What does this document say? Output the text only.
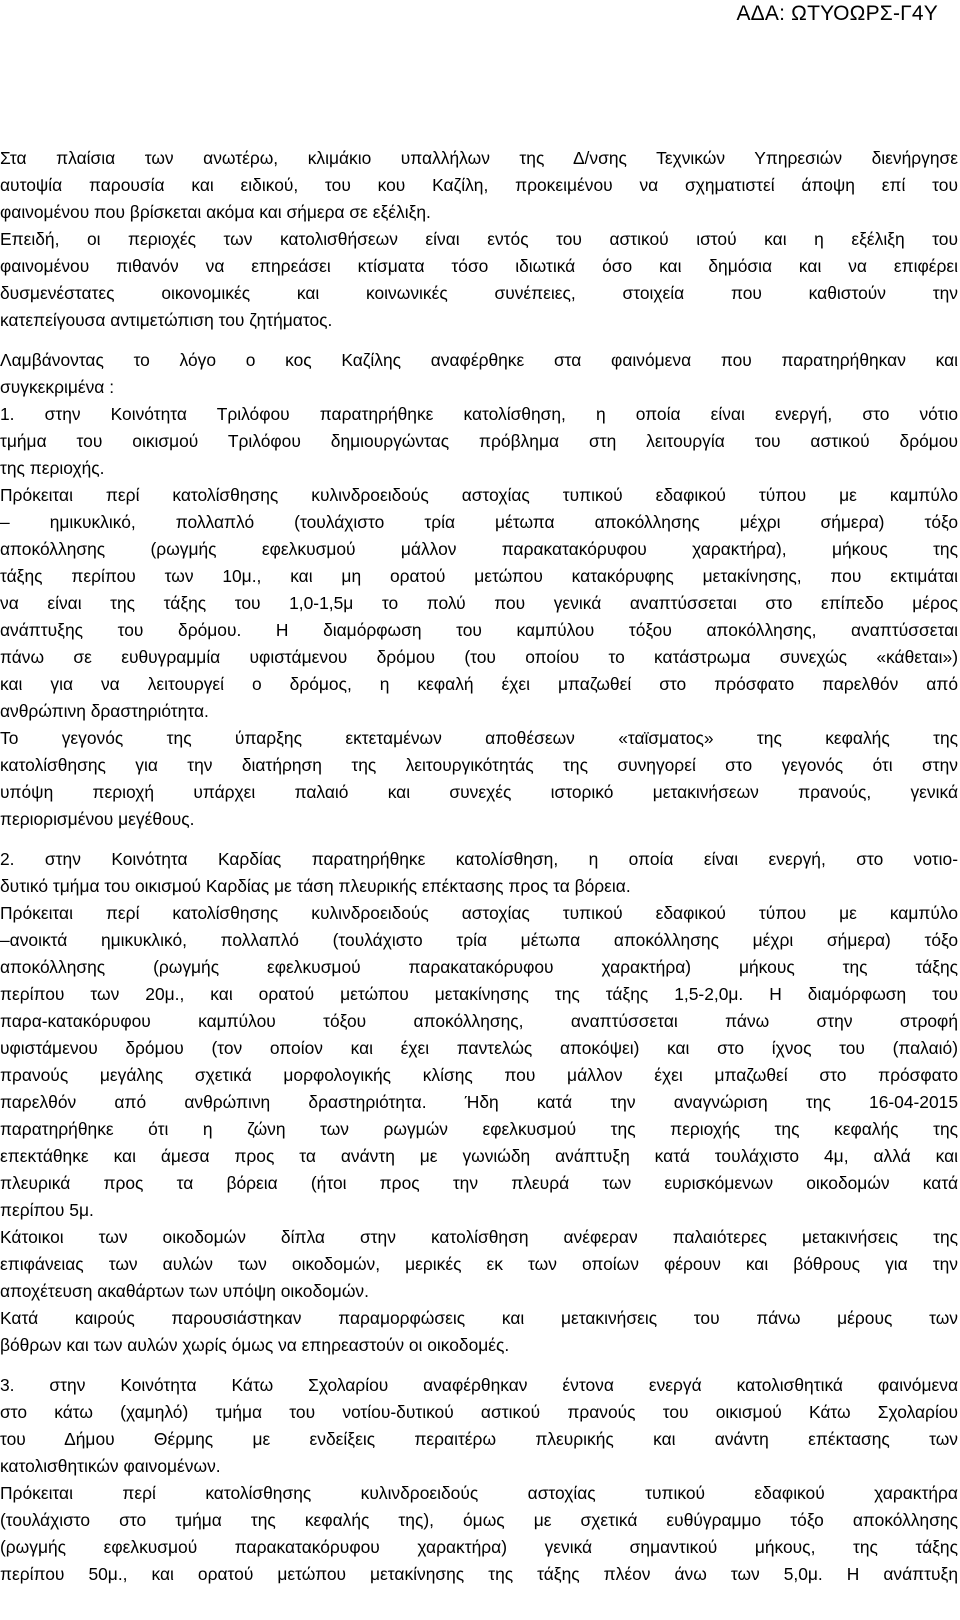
ΑΔΑ: ΩΤΥΟΩΡΣ-Γ4Υ
Στα πλαίσια των ανωτέρω, κλιμάκιο υπαλλήλων της Δ/νσης Τεχνικών Υπηρεσιών διενήργησε
αυτοψία παρουσία και ειδικού, του κου Καζίλη, προκειμένου να σχηματιστεί άποψη επί του
φαινομένου που βρίσκεται ακόμα και σήμερα σε εξέλιξη.
Επειδή, οι περιοχές των κατολισθήσεων είναι εντός του αστικού ιστού και η εξέλιξη του
φαινομένου πιθανόν να επηρεάσει κτίσματα τόσο ιδιωτικά όσο και δημόσια και να επιφέρει
δυσμενέστατες οικονομικές και κοινωνικές συνέπειες, στοιχεία που καθιστούν την
κατεπείγουσα αντιμετώπιση του ζητήματος.
Λαμβάνοντας το λόγο ο κος Καζίλης αναφέρθηκε στα φαινόμενα που παρατηρήθηκαν και
συγκεκριμένα :
1. στην Κοινότητα Τριλόφου παρατηρήθηκε κατολίσθηση, η οποία είναι ενεργή, στο νότιο
τμήμα του οικισμού Τριλόφου δημιουργώντας πρόβλημα στη λειτουργία του αστικού δρόμου
της περιοχής.
Πρόκειται περί κατολίσθησης κυλινδροειδούς αστοχίας τυπικού εδαφικού τύπου με καμπύλο
– ημικυκλικό, πολλαπλό (τουλάχιστο τρία μέτωπα αποκόλλησης μέχρι σήμερα) τόξο
αποκόλλησης (ρωγμής εφελκυσμού μάλλον παρακατακόρυφου χαρακτήρα), μήκους της
τάξης περίπου των 10μ., και μη ορατού μετώπου κατακόρυφης μετακίνησης, που εκτιμάται
να είναι της τάξης του 1,0-1,5μ το πολύ που γενικά αναπτύσσεται στο επίπεδο μέρος
ανάπτυξης του δρόμου. Η διαμόρφωση του καμπύλου τόξου αποκόλλησης, αναπτύσσεται
πάνω σε ευθυγραμμία υφιστάμενου δρόμου (του οποίου το κατάστρωμα συνεχώς «κάθεται»)
και για να λειτουργεί ο δρόμος, η κεφαλή έχει μπαζωθεί στο πρόσφατο παρελθόν από
ανθρώπινη δραστηριότητα.
Το γεγονός της ύπαρξης εκτεταμένων αποθέσεων «ταϊσματος» της κεφαλής της
κατολίσθησης για την διατήρηση της λειτουργικότητάς της συνηγορεί στο γεγονός ότι στην
υπόψη περιοχή υπάρχει παλαιό και συνεχές ιστορικό μετακινήσεων πρανούς, γενικά
περιορισμένου μεγέθους.
2. στην Κοινότητα Καρδίας παρατηρήθηκε κατολίσθηση, η οποία είναι ενεργή, στο νοτιο-
δυτικό τμήμα του οικισμού Καρδίας με τάση πλευρικής επέκτασης προς τα βόρεια.
Πρόκειται περί κατολίσθησης κυλινδροειδούς αστοχίας τυπικού εδαφικού τύπου με καμπύλο
–ανοικτά ημικυκλικό, πολλαπλό (τουλάχιστο τρία μέτωπα αποκόλλησης μέχρι σήμερα) τόξο
αποκόλλησης (ρωγμής εφελκυσμού παρακατακόρυφου χαρακτήρα) μήκους της τάξης
περίπου των 20μ., και ορατού μετώπου μετακίνησης της τάξης 1,5-2,0μ. Η διαμόρφωση του
παρα-κατακόρυφου καμπύλου τόξου αποκόλλησης, αναπτύσσεται πάνω στην στροφή
υφιστάμενου δρόμου (τον οποίον και έχει παντελώς αποκόψει) και στο ίχνος του (παλαιό)
πρανούς μεγάλης σχετικά μορφολογικής κλίσης που μάλλον έχει μπαζωθεί στο πρόσφατο
παρελθόν από ανθρώπινη δραστηριότητα. Ήδη κατά την αναγνώριση της 16-04-2015
παρατηρήθηκε ότι η ζώνη των ρωγμών εφελκυσμού της περιοχής της κεφαλής της
επεκτάθηκε και άμεσα προς τα ανάντη με γωνιώδη ανάπτυξη κατά τουλάχιστο 4μ, αλλά και
πλευρικά προς τα βόρεια (ήτοι προς την πλευρά των ευρισκόμενων οικοδομών κατά
περίπου 5μ.
Κάτοικοι των οικοδομών δίπλα στην κατολίσθηση ανέφεραν παλαιότερες μετακινήσεις της
επιφάνειας των αυλών των οικοδομών, μερικές εκ των οποίων φέρουν και βόθρους για την
αποχέτευση ακαθάρτων των υπόψη οικοδομών.
Κατά καιρούς παρουσιάστηκαν παραμορφώσεις και μετακινήσεις του πάνω μέρους των
βόθρων και των αυλών χωρίς όμως να επηρεαστούν οι οικοδομές.
3. στην Κοινότητα Κάτω Σχολαρίου αναφέρθηκαν έντονα ενεργά κατολισθητικά φαινόμενα
στο κάτω (χαμηλό) τμήμα του νοτίου-δυτικού αστικού πρανούς του οικισμού Κάτω Σχολαρίου
του Δήμου Θέρμης με ενδείξεις περαιτέρω πλευρικής και ανάντη επέκτασης των
κατολισθητικών φαινομένων.
Πρόκειται περί κατολίσθησης κυλινδροειδούς αστοχίας τυπικού εδαφικού χαρακτήρα
(τουλάχιστο στο τμήμα της κεφαλής της), όμως με σχετικά ευθύγραμμο τόξο αποκόλλησης
(ρωγμής εφελκυσμού παρακατακόρυφου χαρακτήρα) γενικά σημαντικού μήκους, της τάξης
περίπου 50μ., και ορατού μετώπου μετακίνησης της τάξης πλέον άνω των 5,0μ. Η ανάπτυξη
